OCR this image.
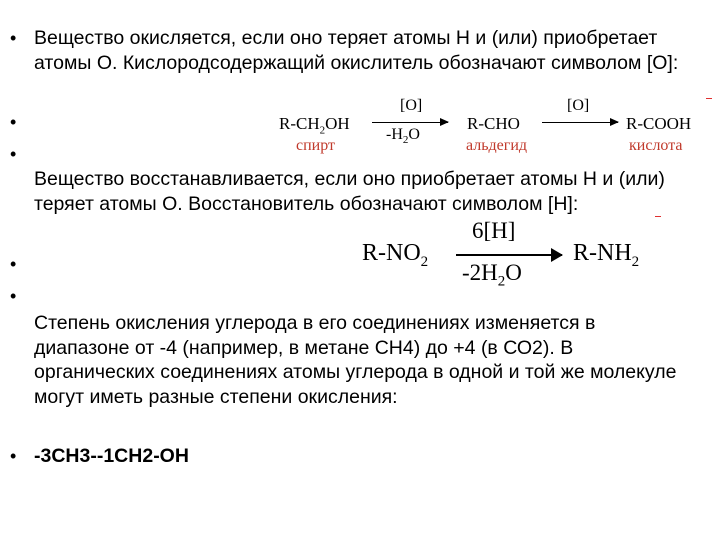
•
•
•
•
•
•
Вещество окисляется, если оно теряет атомы Н и (или) приобретает атомы О. Кислородсодержащий окислитель обозначают символом [O]:
$R-CH_2OH$
спирт
[O]
$-H_2O$
R-CHO
альдегид
[O]
R-COOH
кислота
Вещество восстанавливается, если оно приобретает атомы Н и (или) теряет атомы О. Восстановитель обозначают символом [Н]:
$R-NO_2$
6[H]
$-2H_2O$
$R-NH_2$
Степень окисления углерода в его соединениях изменяется в диапазоне от -4 (например, в метане СН4) до +4 (в СО2). В органических соединениях атомы углерода в одной и той же молекуле могут иметь разные степени окисления:
-3CH3--1CH2-OH
